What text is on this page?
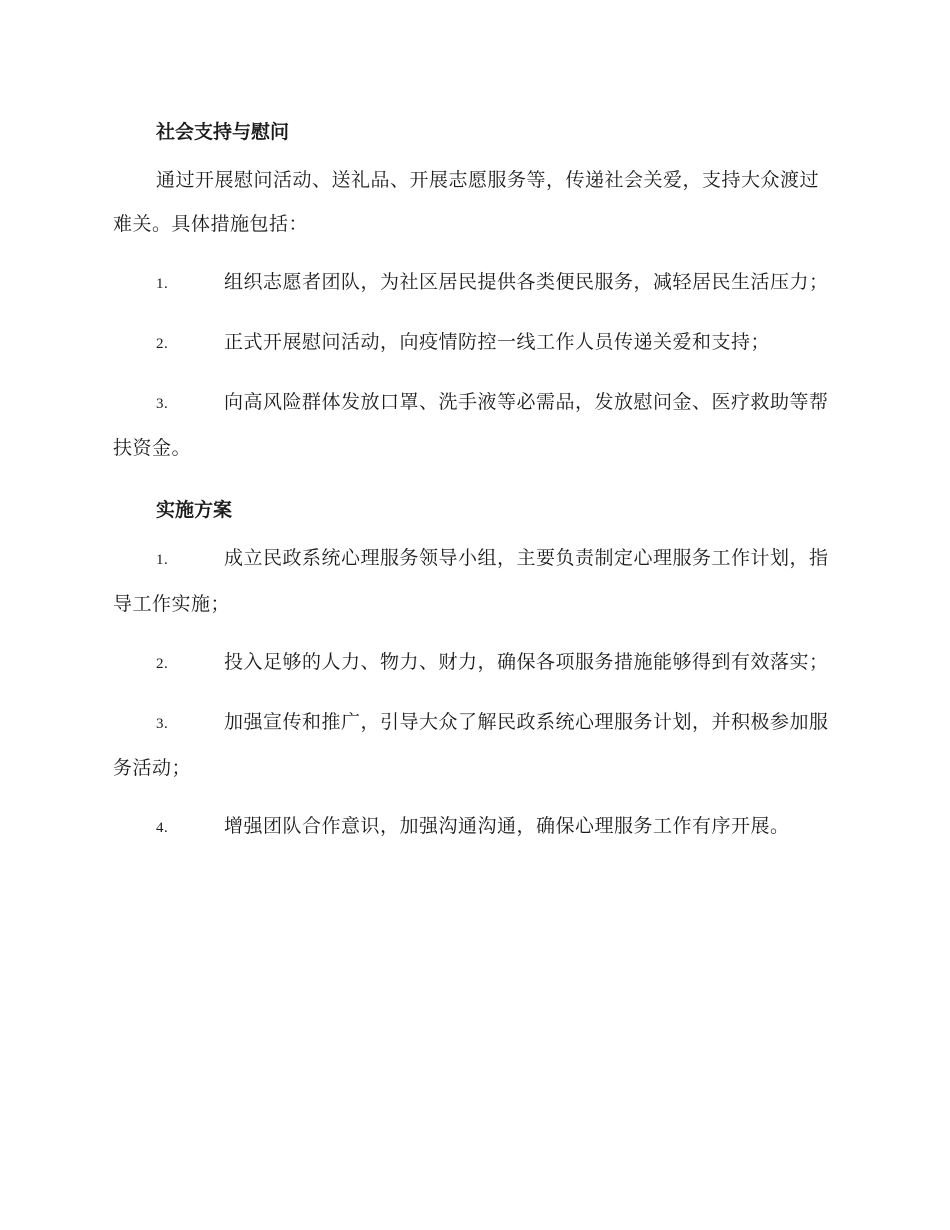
社会支持与慰问

通过开展慰问活动、送礼品、开展志愿服务等，传递社会关爱，支持大众渡过难关。具体措施包括：

1.	组织志愿者团队，为社区居民提供各类便民服务，减轻居民生活压力；

2.	正式开展慰问活动，向疫情防控一线工作人员传递关爱和支持；

3.	向高风险群体发放口罩、洗手液等必需品，发放慰问金、医疗救助等帮扶资金。

实施方案

1.	成立民政系统心理服务领导小组，主要负责制定心理服务工作计划，指导工作实施；

2.	投入足够的人力、物力、财力，确保各项服务措施能够得到有效落实；

3.	加强宣传和推广，引导大众了解民政系统心理服务计划，并积极参加服务活动；

4.	增强团队合作意识，加强沟通沟通，确保心理服务工作有序开展。
